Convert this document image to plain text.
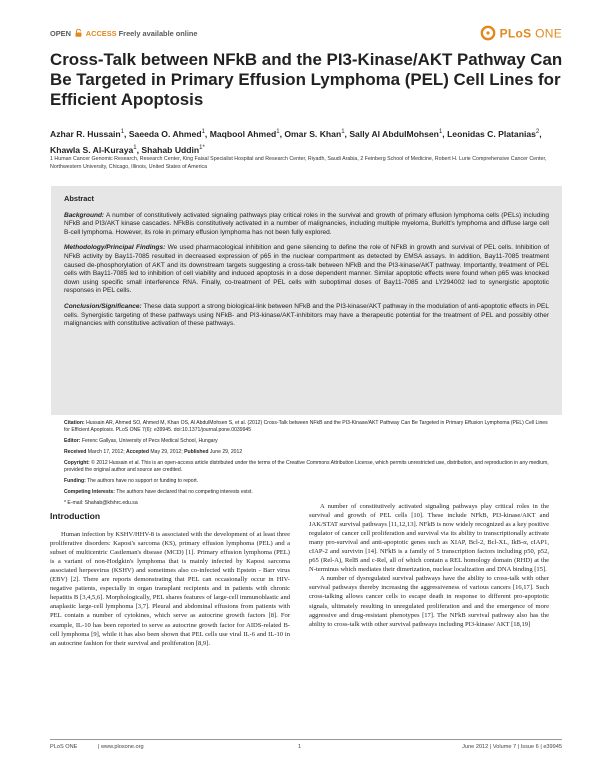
OPEN ACCESS Freely available online	PLoS ONE
Cross-Talk between NFkB and the PI3-Kinase/AKT Pathway Can Be Targeted in Primary Effusion Lymphoma (PEL) Cell Lines for Efficient Apoptosis
Azhar R. Hussain$^1$, Saeeda O. Ahmed$^1$, Maqbool Ahmed$^1$, Omar S. Khan$^1$, Sally Al AbdulMohsen$^1$, Leonidas C. Platanias$^2$, Khawla S. Al-Kuraya$^1$, Shahab Uddin$^{1*}$
1 Human Cancer Genomic Research, Research Center, King Faisal Specialist Hospital and Research Center, Riyadh, Saudi Arabia, 2 Feinberg School of Medicine, Robert H. Lurie Comprehensive Cancer Center, Northwestern University, Chicago, Illinois, United States of America
Abstract

Background: A number of constitutively activated signaling pathways play critical roles in the survival and growth of primary effusion lymphoma cells (PELs) including NFkB and PI3/AKT kinase cascades. NFkBis constitutively activated in a number of malignancies, including multiple myeloma, Burkitt's lymphoma and diffuse large cell B-cell lymphoma. However, its role in primary effusion lymphoma has not been fully explored.

Methodology/Principal Findings: We used pharmacological inhibition and gene silencing to define the role of NFkB in growth and survival of PEL cells. Inhibition of NFkB activity by Bay11-7085 resulted in decreased expression of p65 in the nuclear compartment as detected by EMSA assays. In addition, Bay11-7085 treatment caused de-phosphorylation of AKT and its downstream targets suggesting a cross-talk between NFkB and the PI3-kinase/AKT pathway. Importantly, treatment of PEL cells with Bay11-7085 led to inhibition of cell viability and induced apoptosis in a dose dependent manner. Similar apoptotic effects were found when p65 was knocked down using specific small interference RNA. Finally, co-treatment of PEL cells with suboptimal doses of Bay11-7085 and LY294002 led to synergistic apoptotic responses in PEL cells.

Conclusion/Significance: These data support a strong biological-link between NFkB and the PI3-kinase/AKT pathway in the modulation of anti-apoptotic effects in PEL cells. Synergistic targeting of these pathways using NFkB- and PI3-kinase/AKT-inhibitors may have a therapeutic potential for the treatment of PEL and possibly other malignancies with constitutive activation of these pathways.

Citation: Hussain AR, Ahmed SO, Ahmed M, Khan OS, Al AbdulMohsen S, et al. (2012) Cross-Talk between NFkB and the PI3-Kinase/AKT Pathway Can Be Targeted in Primary Effusion Lymphoma (PEL) Cell Lines for Efficient Apoptosis. PLoS ONE 7(6): e39945. doi:10.1371/journal.pone.0039945

Editor: Ferenc Gallyas, University of Pecs Medical School, Hungary

Received March 17, 2012; Accepted May 29, 2012; Published June 29, 2012

Copyright: © 2012 Hussain et al. This is an open-access article distributed under the terms of the Creative Commons Attribution License, which permits unrestricted use, distribution, and reproduction in any medium, provided the original author and source are credited.

Funding: The authors have no support or funding to report.

Competing Interests: The authors have declared that no competing interests exist.

* E-mail: Shahab@kfshrc.edu.sa

Introduction

Human infection by KSHV/HHV-8 is associated with the development of at least three proliferative disorders: Kaposi's sarcoma (KS), primary effusion lymphoma (PEL) and a subset of multicentric Castleman's disease (MCD) [1]. Primary effusion lymphoma (PEL) is a variant of non-Hodgkin's lymphoma that is mainly infected by Kaposi sarcoma associated herpesvirus (KSHV) and sometimes also co-infected with Epstein - Barr virus (EBV) [2]. There are reports demonstrating that PEL can occasionally occur in HIV-negative patients, especially in organ transplant recipients and in patients with chronic hepatitis B [3,4,5,6]. Morphologically, PEL shares features of large-cell immunoblastic and anaplastic large-cell lymphoma [3,7]. Pleural and abdominal effusions from patients with PEL contain a number of cytokines, which serve as autocrine growth factors [8]. For example, IL-10 has been reported to serve as autocrine growth factor for AIDS-related B-cell lymphoma [9], while it has also been shown that PEL cells use viral IL-6 and IL-10 in an autocrine fashion for their survival and proliferation [8,9].

A number of constitutively activated signaling pathways play critical roles in the survival and growth of PEL cells [10]. These include NFkB, PI3-kinase/AKT and JAK/STAT survival pathways [11,12,13]. NFkB is now widely recognized as a key positive regulator of cancer cell proliferation and survival via its ability to transcriptionally activate many pro-survival and anti-apoptotic genes such as XIAP, Bcl-2, Bcl-XL, IkB-α, cIAP1, cIAP-2 and survivin [14]. NFkB is a family of 5 transcription factors including p50, p52, p65 (Rel-A), RelB and c-Rel, all of which contain a REL homology domain (RHD) at the N-terminus which mediates their dimerization, nuclear localization and DNA binding [15].

A number of dysregulated survival pathways have the ability to cross-talk with other survival pathways thereby increasing the aggressiveness of various cancers [16,17]. Such cross-talking allows cancer cells to escape death in response to different pro-apoptotic signals, ultimately resulting in unregulated proliferation and and the emergence of more aggressive and drug-resistant phenotypes [17]. The NFkB survival pathway also has the ability to cross-talk with other survival pathways including PI3-kinase/ AKT [18,19]

PLoS ONE	| www.plosone.org	1	June 2012 | Volume 7 | Issue 6 | e39945
